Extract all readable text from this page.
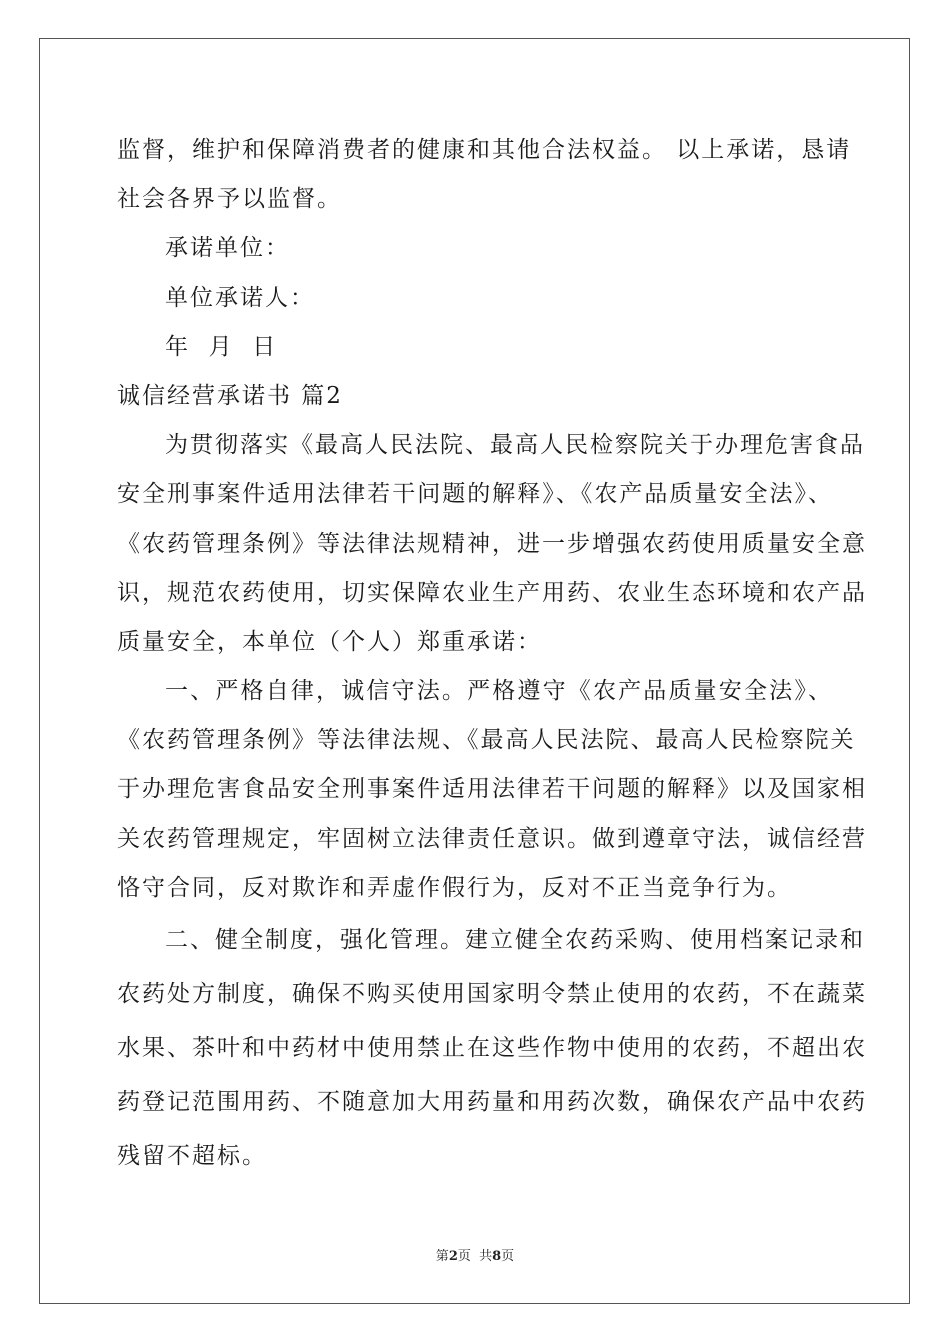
监督，维护和保障消费者的健康和其他合法权益。 以上承诺，恳请
社会各界予以监督。
承诺单位：
单位承诺人：
年  月  日
诚信经营承诺书 篇2
为贯彻落实《最高人民法院、最高人民检察院关于办理危害食品
安全刑事案件适用法律若干问题的解释》、《农产品质量安全法》、
《农药管理条例》等法律法规精神，进一步增强农药使用质量安全意
识，规范农药使用，切实保障农业生产用药、农业生态环境和农产品
质量安全，本单位（个人）郑重承诺：
一、严格自律，诚信守法。严格遵守《农产品质量安全法》、
《农药管理条例》等法律法规、《最高人民法院、最高人民检察院关
于办理危害食品安全刑事案件适用法律若干问题的解释》以及国家相
关农药管理规定，牢固树立法律责任意识。做到遵章守法，诚信经营
恪守合同，反对欺诈和弄虚作假行为，反对不正当竞争行为。
二、健全制度，强化管理。建立健全农药采购、使用档案记录和
农药处方制度，确保不购买使用国家明令禁止使用的农药，不在蔬菜
水果、茶叶和中药材中使用禁止在这些作物中使用的农药，不超出农
药登记范围用药、不随意加大用药量和用药次数，确保农产品中农药
残留不超标。
第2页  共8页
